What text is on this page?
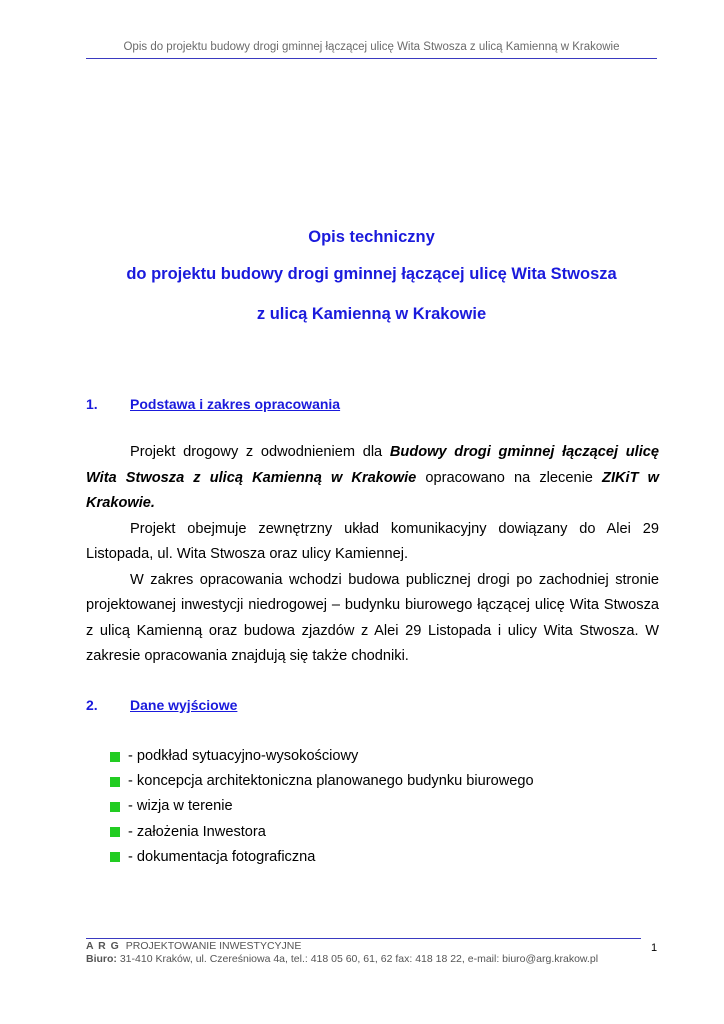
Opis do projektu budowy drogi gminnej łączącej ulicę Wita Stwosza z ulicą Kamienną w Krakowie
Opis techniczny
do projektu budowy drogi gminnej łączącej ulicę Wita Stwosza
z ulicą Kamienną w Krakowie
1. Podstawa i zakres opracowania

Projekt drogowy z odwodnieniem dla Budowy drogi gminnej łączącej ulicę Wita Stwosza z ulicą Kamienną w Krakowie opracowano na zlecenie ZIKiT w Krakowie.

Projekt obejmuje zewnętrzny układ komunikacyjny dowiązany do Alei 29 Listopada, ul. Wita Stwosza oraz ulicy Kamiennej.

W zakres opracowania wchodzi budowa publicznej drogi po zachodniej stronie projektowanej inwestycji niedrogowej – budynku biurowego łączącej ulicę Wita Stwosza z ulicą Kamienną oraz budowa zjazdów z Alei 29 Listopada i ulicy Wita Stwosza. W zakresie opracowania znajdują się także chodniki.

2. Dane wyjściowe
- podkład sytuacyjno-wysokościowy
- koncepcja architektoniczna planowanego budynku biurowego
- wizja w terenie
- założenia Inwestora
- dokumentacja fotograficzna
A R G PROJEKTOWANIE INWESTYCYJNE
Biuro: 31-410 Kraków, ul. Czereśniowa 4a, tel.: 418 05 60, 61, 62 fax: 418 18 22, e-mail: biuro@arg.krakow.pl
1
